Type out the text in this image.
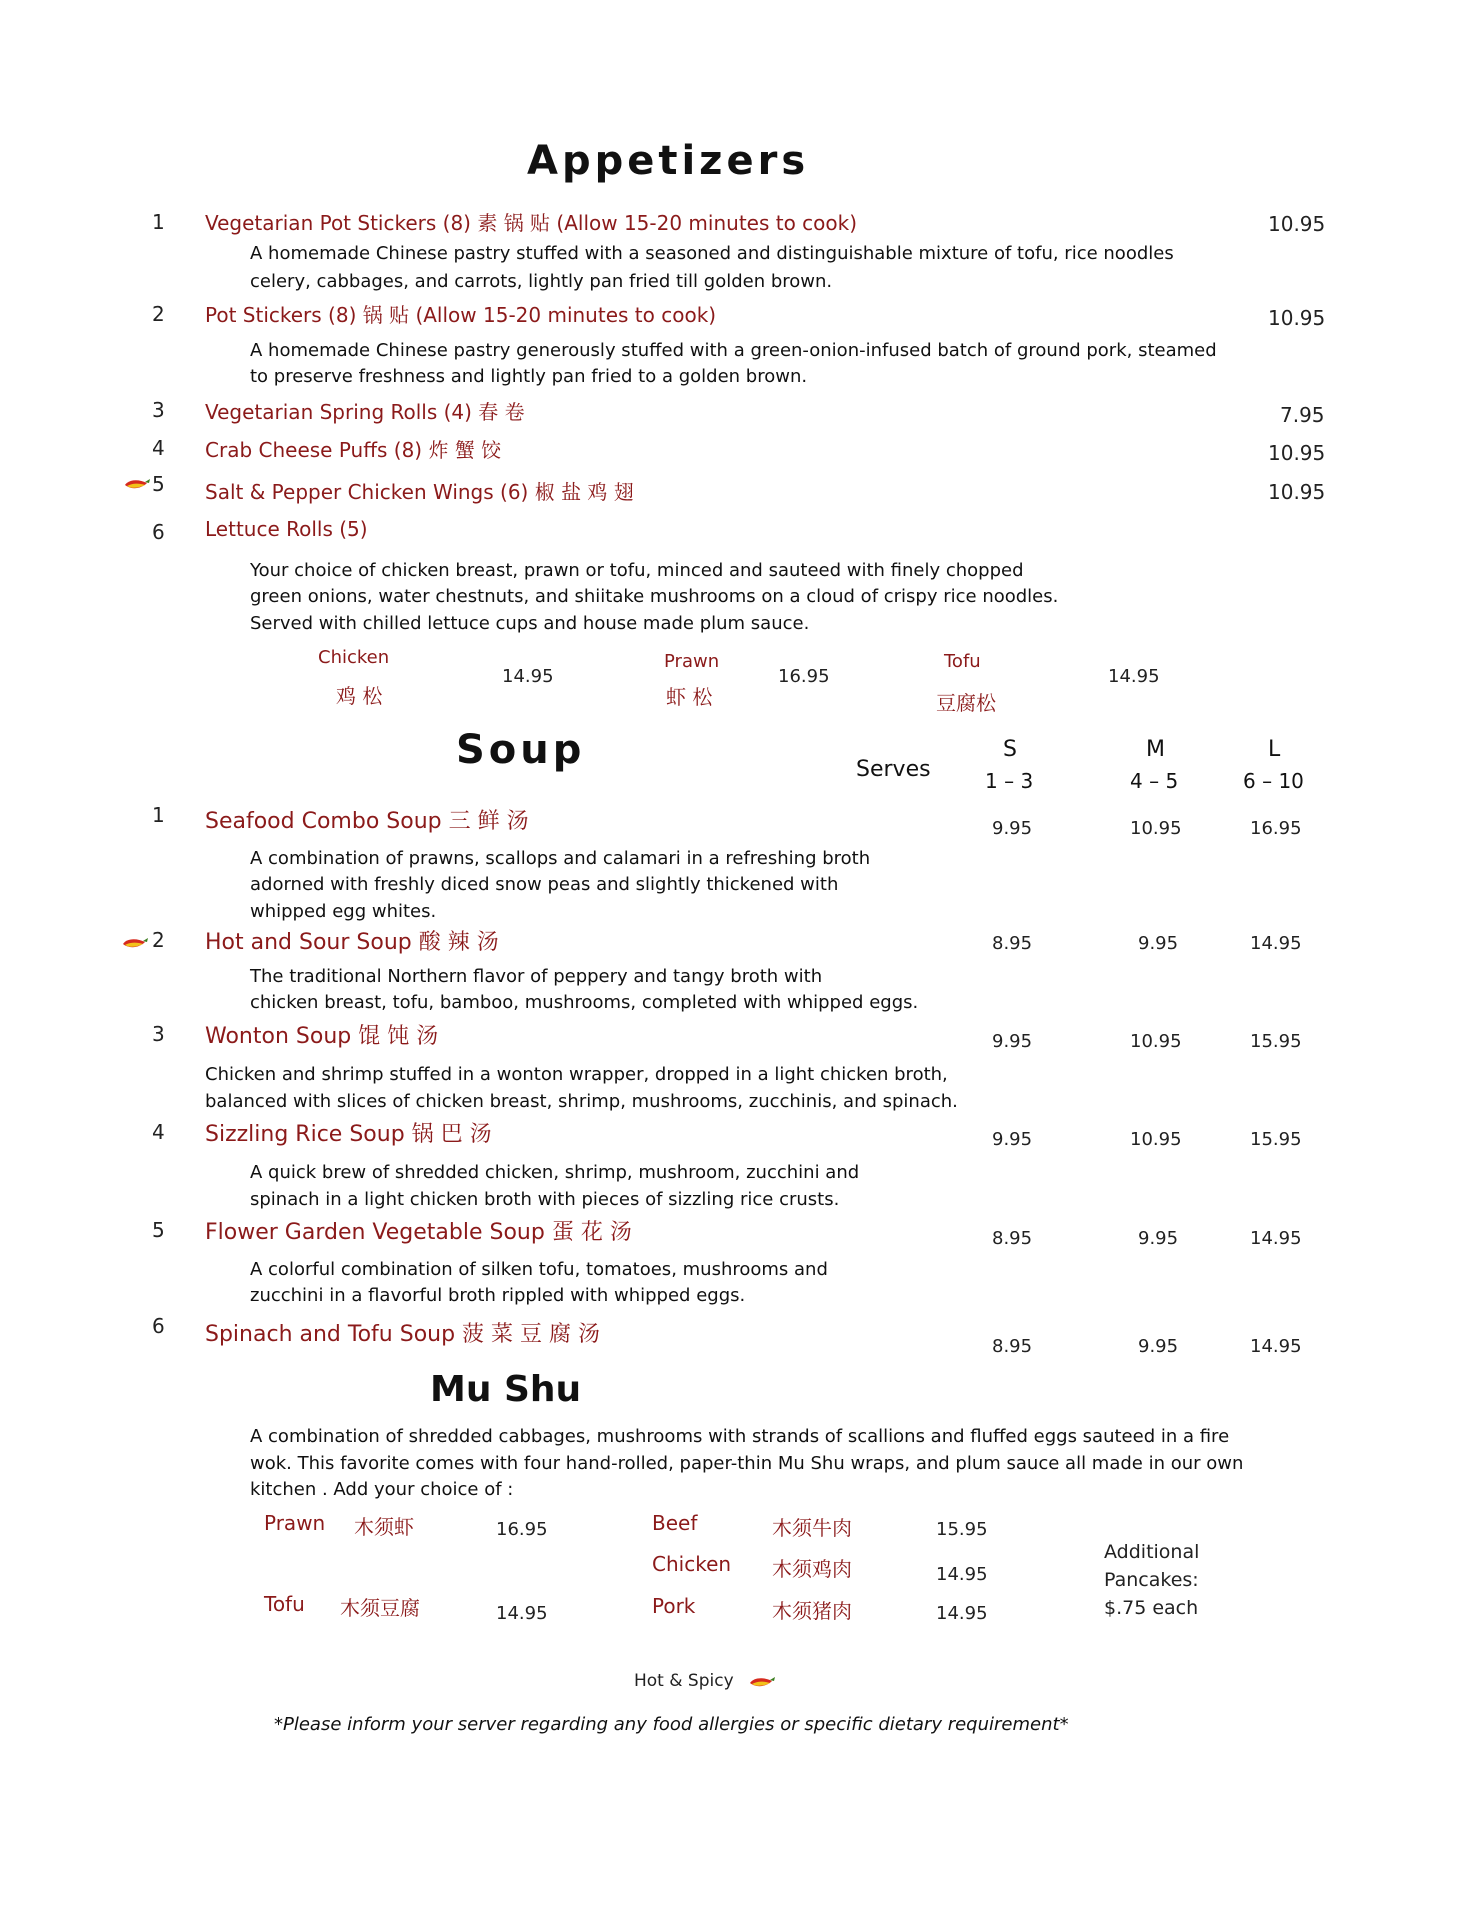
Appetizers
1 Vegetarian Pot Stickers (8) 素 锅 贴 (Allow 15-20 minutes to cook)	10.95
A homemade Chinese pastry stuffed with a seasoned and distinguishable mixture of tofu, rice noodles
celery, cabbages, and carrots, lightly pan fried till golden brown.
2 Pot Stickers (8) 锅 贴 (Allow 15-20 minutes to cook)	10.95
A homemade Chinese pastry generously stuffed with a green-onion-infused batch of ground pork, steamed
to preserve freshness and lightly pan fried to a golden brown.
3 Vegetarian Spring Rolls (4) 春 卷	7.95
4 Crab Cheese Puffs (8) 炸 蟹 饺	10.95
5 Salt & Pepper Chicken Wings (6) 椒 盐 鸡 翅	10.95
6 Lettuce Rolls (5)
Your choice of chicken breast, prawn or tofu, minced and sauteed with finely chopped
green onions, water chestnuts, and shiitake mushrooms on a cloud of crispy rice noodles.
Served with chilled lettuce cups and house made plum sauce.
Chicken
鸡 松
14.95
Prawn
虾 松
16.95
Tofu
豆腐松
14.95
Soup	Serves
S
1 – 3
M
4 – 5
L
6 – 10
1 Seafood Combo Soup 三 鲜 汤	9.95	10.95	16.95
A combination of prawns, scallops and calamari in a refreshing broth
adorned with freshly diced snow peas and slightly thickened with
whipped egg whites.
2 Hot and Sour Soup 酸 辣 汤	8.95	9.95	14.95
The traditional Northern flavor of peppery and tangy broth with
chicken breast, tofu, bamboo, mushrooms, completed with whipped eggs.
3 Wonton Soup 馄 饨 汤	9.95	10.95	15.95
Chicken and shrimp stuffed in a wonton wrapper, dropped in a light chicken broth,
balanced with slices of chicken breast, shrimp, mushrooms, zucchinis, and spinach.
4 Sizzling Rice Soup 锅 巴 汤	9.95	10.95	15.95
A quick brew of shredded chicken, shrimp, mushroom, zucchini and
spinach in a light chicken broth with pieces of sizzling rice crusts.
5 Flower Garden Vegetable Soup 蛋 花 汤	8.95	9.95	14.95
A colorful combination of silken tofu, tomatoes, mushrooms and
zucchini in a flavorful broth rippled with whipped eggs.
6 Spinach and Tofu Soup 菠 菜 豆 腐 汤	8.95	9.95	14.95
Mu Shu
A combination of shredded cabbages, mushrooms with strands of scallions and fluffed eggs sauteed in a fire
wok. This favorite comes with four hand-rolled, paper-thin Mu Shu wraps, and plum sauce all made in our own
kitchen . Add your choice of :
Prawn 木须虾	16.95
Tofu 木须豆腐	14.95
Beef	木须牛肉	15.95
Chicken 木须鸡肉	14.95
Pork	木须猪肉	14.95
Additional
Pancakes:
$.75 each
Hot & Spicy
*Please inform your server regarding any food allergies or specific dietary requirement*
